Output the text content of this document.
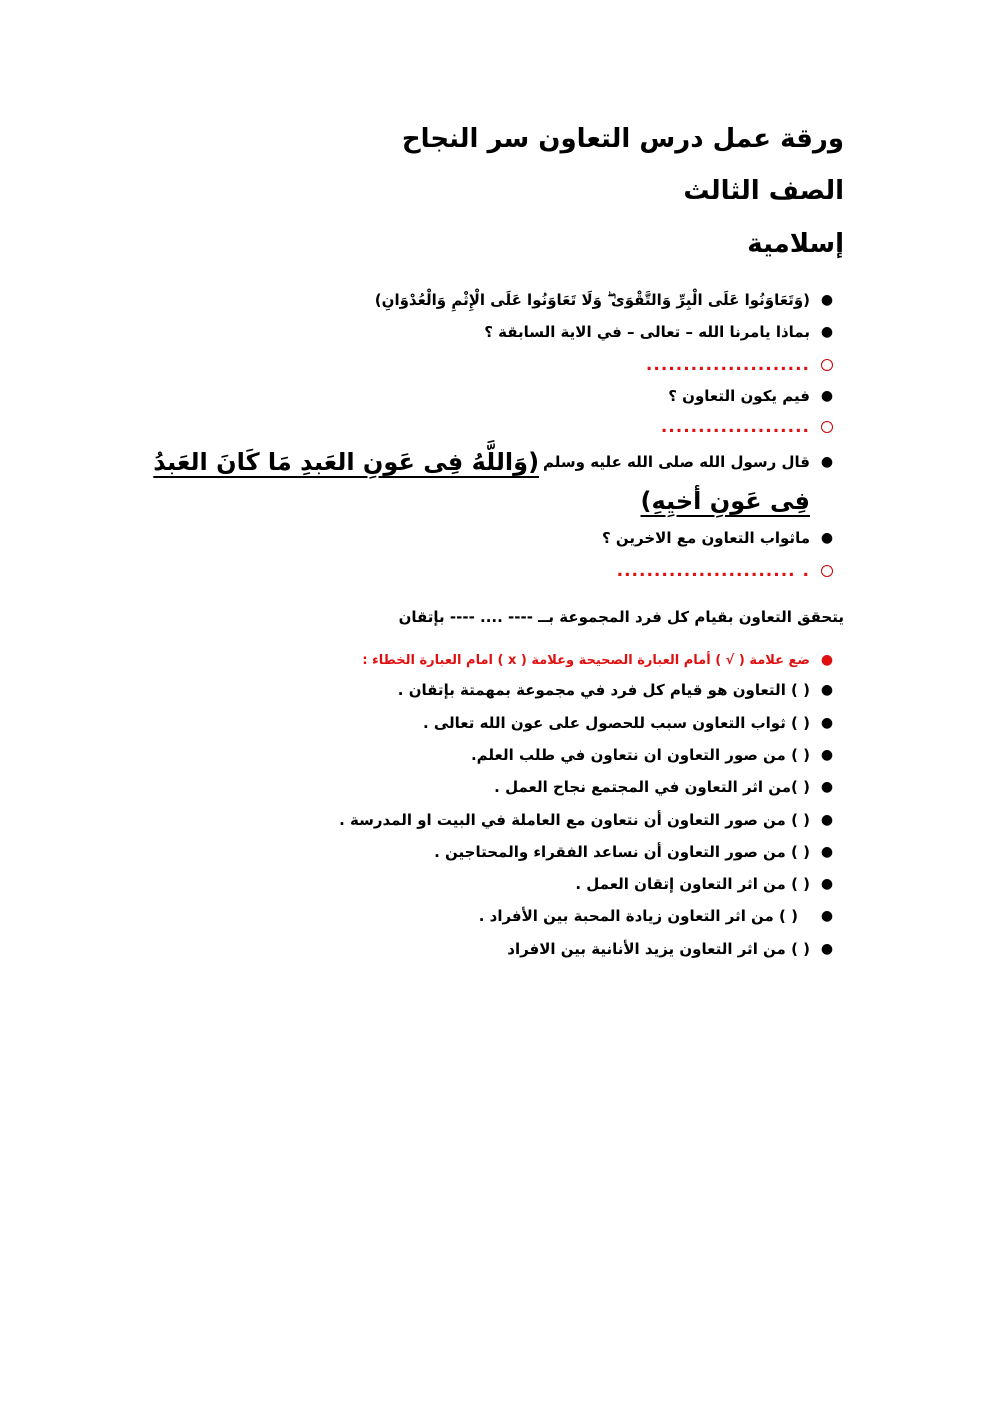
ورقة عمل درس التعاون سر النجاح
الصف الثالث
إسلامية
●
(وَتَعَاوَنُوا عَلَى الْبِرِّ وَالتَّقْوَىٰ ۖ وَلَا تَعَاوَنُوا عَلَى الْإِثْمِ وَالْعُدْوَانِ)
●
بماذا يامرنا الله – تعالى – في الاية السابقة ؟
......................
●
فيم يكون التعاون ؟
....................
●
قال رسول الله صلى الله عليه وسلم
(وَاللَّهُ فِى عَونِ العَبدِ مَا كَانَ العَبدُ
فِى عَونِ أخيِهِ)
●
ماثواب التعاون مع الاخرين ؟
. ........................
يتحقق التعاون بقيام كل فرد المجموعة بــ ---- .... ---- بإتقان
●
ضع علامة ( √ ) أمام العبارة الصحيحة وعلامة ( x ) امام العبارة الخطاء :
●
( ) التعاون هو قيام كل فرد في مجموعة بمهمتة بإتقان .
●
( ) ثواب التعاون سبب للحصول على عون الله تعالى .
●
( ) من صور التعاون ان نتعاون في طلب العلم.
●
( )من اثر التعاون في المجتمع نجاح العمل .
●
( ) من صور التعاون أن نتعاون مع العاملة في البيت او المدرسة .
●
( ) من صور التعاون أن نساعد الفقراء والمحتاجين .
●
( ) من اثر التعاون إتقان العمل .
●
( ) من اثر التعاون زيادة المحبة بين الأفراد .
●
( ) من اثر التعاون يزيد الأنانية بين الافراد
